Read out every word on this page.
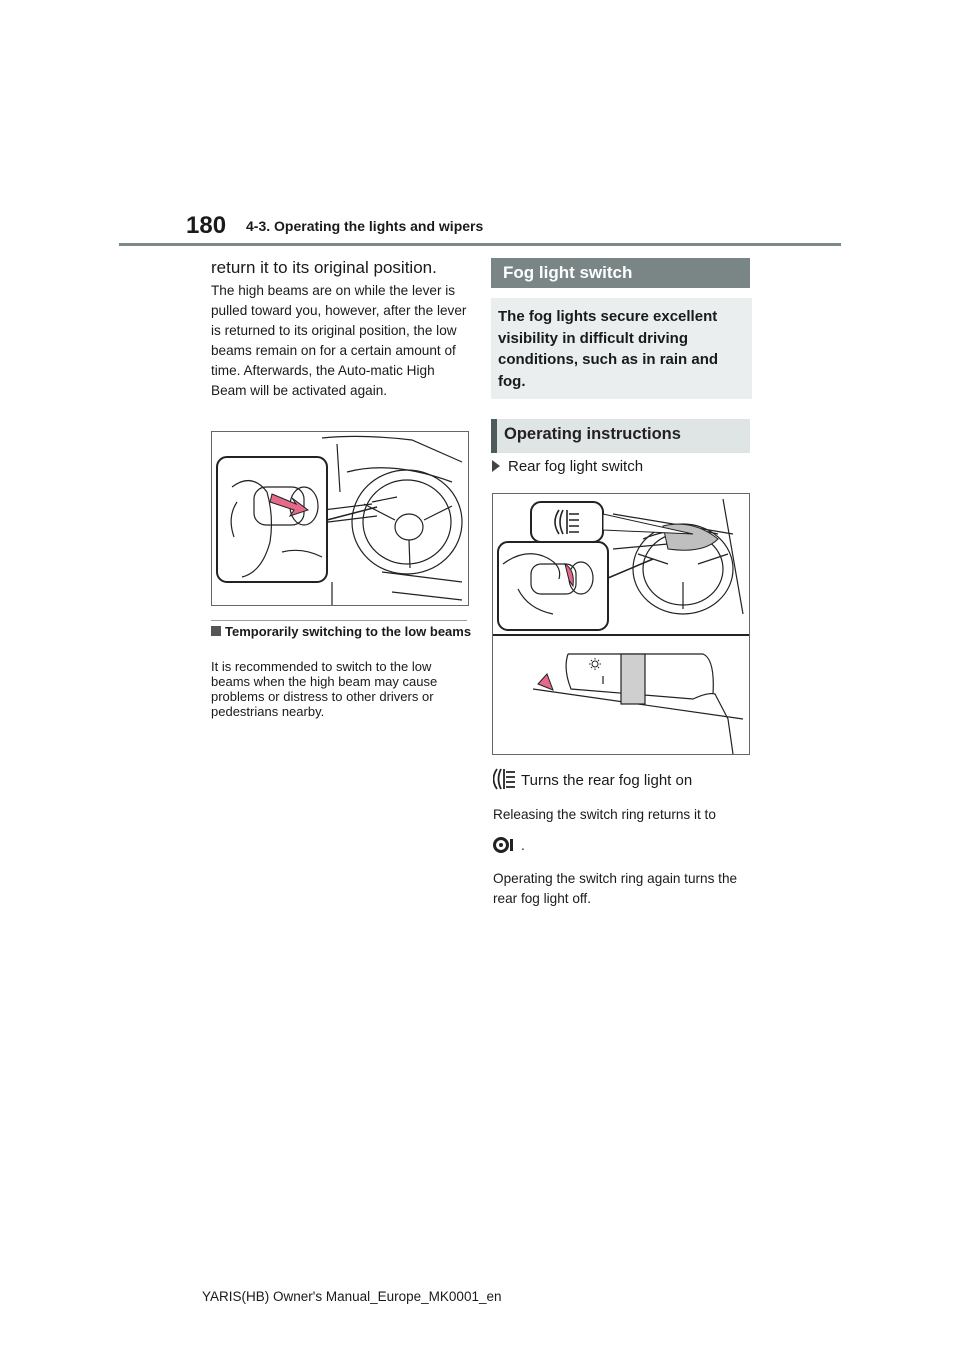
180 4-3. Operating the lights and wipers
return it to its original position.
The high beams are on while the lever is pulled toward you, however, after the lever is returned to its original position, the low beams remain on for a certain amount of time. Afterwards, the Auto-matic High Beam will be activated again.
Temporarily switching to the low beams
It is recommended to switch to the low beams when the high beam may cause problems or distress to other drivers or pedestrians nearby.
Fog light switch
The fog lights secure excellent visibility in difficult driving conditions, such as in rain and fog.
Operating instructions
Rear fog light switch
Turns the rear fog light on
Releasing the switch ring returns it to
.
Operating the switch ring again turns the rear fog light off.
YARIS(HB) Owner's Manual_Europe_MK0001_en
